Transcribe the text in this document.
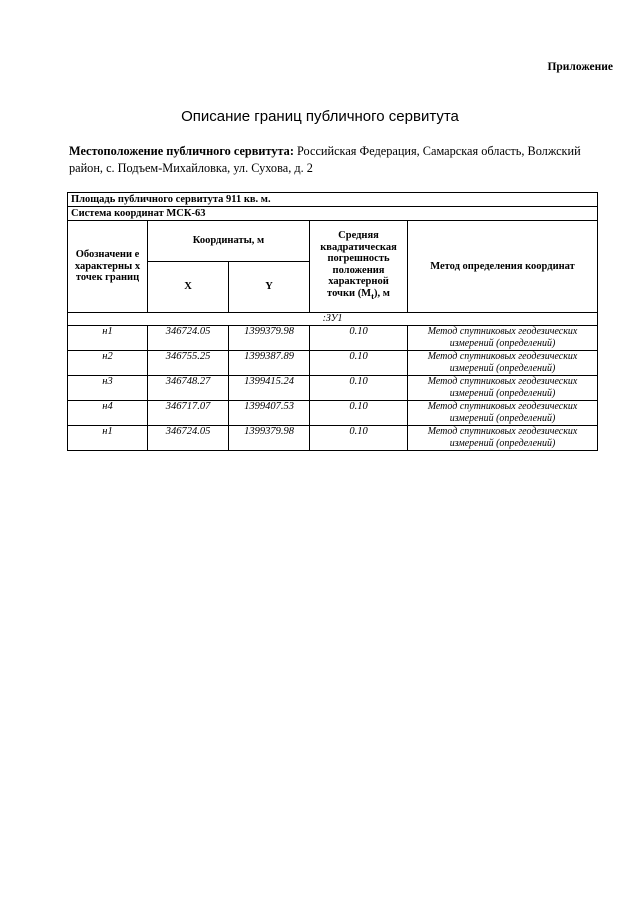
Приложение
Описание границ публичного сервитута
Местоположение публичного сервитута: Российская Федерация, Самарская область, Волжский район, с. Подъем-Михайловка, ул. Сухова, д. 2
Площадь публичного сервитута 911 кв. м.				
Система координат МСК-63				
Обозначени е характерны х точек границ	Координаты, м		Средняя квадратическая погрешность положения характерной точки $(M_t)$, м	Метод определения координат
	X	Y		
:ЗУ1				
н1	346724.05	1399379.98	0.10	Метод спутниковых геодезических измерений (определений)
н2	346755.25	1399387.89	0.10	Метод спутниковых геодезических измерений (определений)
н3	346748.27	1399415.24	0.10	Метод спутниковых геодезических измерений (определений)
н4	346717.07	1399407.53	0.10	Метод спутниковых геодезических измерений (определений)
н1	346724.05	1399379.98	0.10	Метод спутниковых геодезических измерений (определений)
